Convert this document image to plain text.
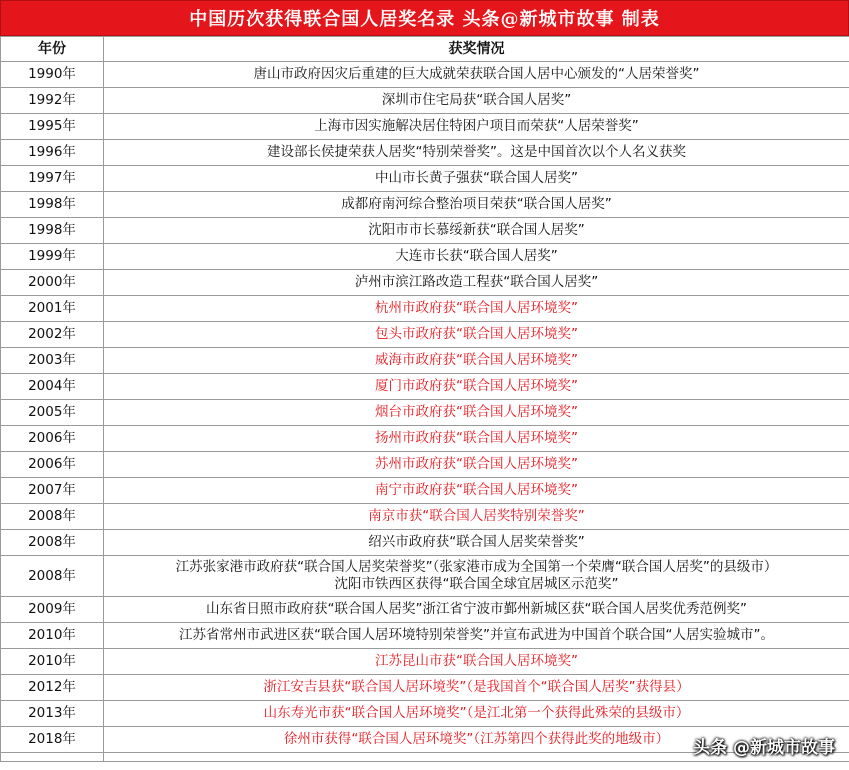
中国历次获得联合国人居奖名录 头条@新城市故事 制表
年份	获奖情况
1990年	唐山市政府因灾后重建的巨大成就荣获联合国人居中心颁发的“人居荣誉奖”
1992年	深圳市住宅局获“联合国人居奖”
1995年	上海市因实施解决居住特困户项目而荣获“人居荣誉奖”
1996年	建设部长侯捷荣获人居奖“特别荣誉奖”。这是中国首次以个人名义获奖
1997年	中山市长黄子强获“联合国人居奖”
1998年	成都府南河综合整治项目荣获“联合国人居奖”
1998年	沈阳市市长慕绥新获“联合国人居奖”
1999年	大连市长获“联合国人居奖”
2000年	泸州市滨江路改造工程获“联合国人居奖”
2001年	杭州市政府获“联合国人居环境奖”
2002年	包头市政府获“联合国人居环境奖”
2003年	威海市政府获“联合国人居环境奖”
2004年	厦门市政府获“联合国人居环境奖”
2005年	烟台市政府获“联合国人居环境奖”
2006年	扬州市政府获“联合国人居环境奖”
2006年	苏州市政府获“联合国人居环境奖”
2007年	南宁市政府获“联合国人居环境奖”
2008年	南京市获“联合国人居奖特别荣誉奖”
2008年	绍兴市政府获“联合国人居奖荣誉奖”
2008年	江苏张家港市政府获“联合国人居奖荣誉奖”（张家港市成为全国第一个荣膺“联合国人居奖”的县级市）
沈阳市铁西区获得“联合国全球宜居城区示范奖”

2009年	山东省日照市政府获“联合国人居奖”浙江省宁波市鄞州新城区获“联合国人居奖优秀范例奖”
2010年	江苏省常州市武进区获“联合国人居环境特别荣誉奖”并宣布武进为中国首个联合国“人居实验城市”。
2010年	江苏昆山市获“联合国人居环境奖”
2012年	浙江安吉县获“联合国人居环境奖”（是我国首个“联合国人居奖”获得县）
2013年	山东寿光市获“联合国人居环境奖”（是江北第一个获得此殊荣的县级市）
2018年	徐州市获得“联合国人居环境奖”（江苏第四个获得此奖的地级市）
	头条 @新城市故事
